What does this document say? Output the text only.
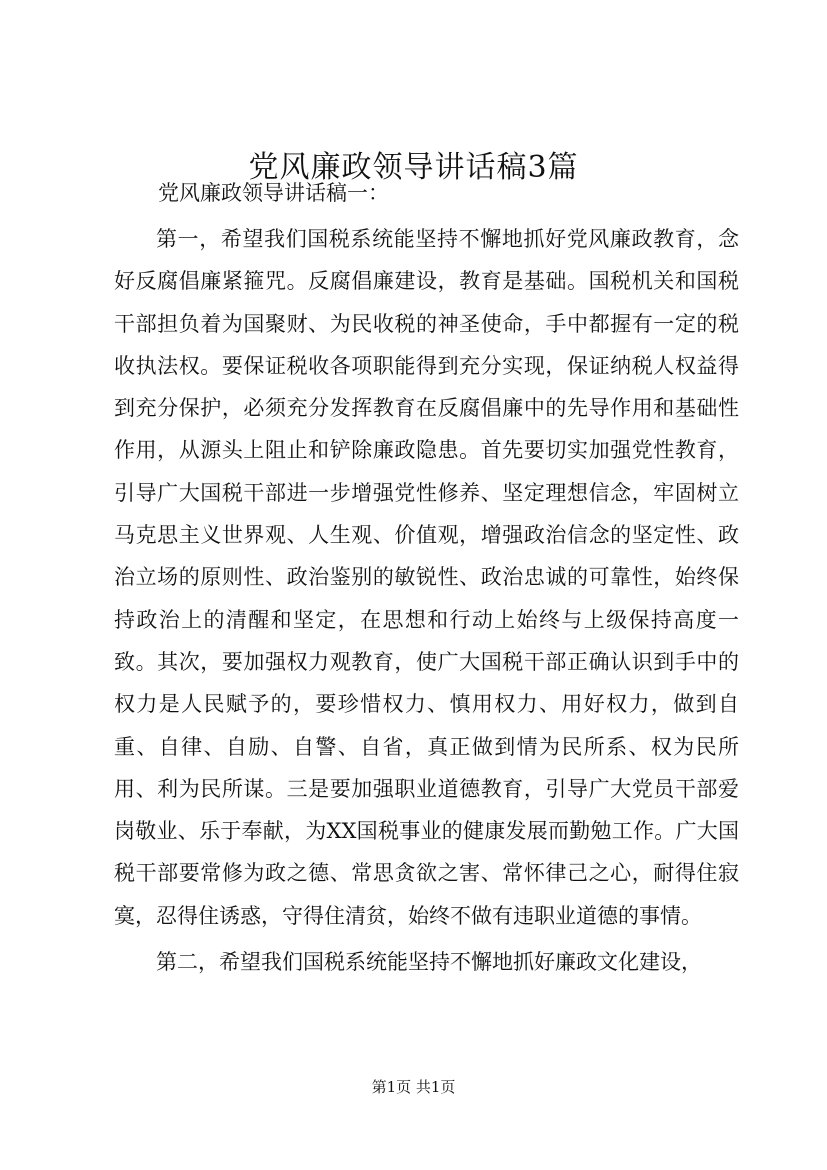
党风廉政领导讲话稿3篇
党风廉政领导讲话稿一：

第一，希望我们国税系统能坚持不懈地抓好党风廉政教育，念好反腐倡廉紧箍咒。反腐倡廉建设，教育是基础。国税机关和国税干部担负着为国聚财、为民收税的神圣使命，手中都握有一定的税收执法权。要保证税收各项职能得到充分实现，保证纳税人权益得到充分保护，必须充分发挥教育在反腐倡廉中的先导作用和基础性作用，从源头上阻止和铲除廉政隐患。首先要切实加强党性教育，引导广大国税干部进一步增强党性修养、坚定理想信念，牢固树立马克思主义世界观、人生观、价值观，增强政治信念的坚定性、政治立场的原则性、政治鉴别的敏锐性、政治忠诚的可靠性，始终保持政治上的清醒和坚定，在思想和行动上始终与上级保持高度一致。其次，要加强权力观教育，使广大国税干部正确认识到手中的权力是人民赋予的，要珍惜权力、慎用权力、用好权力，做到自重、自律、自励、自警、自省，真正做到情为民所系、权为民所用、利为民所谋。三是要加强职业道德教育，引导广大党员干部爱岗敬业、乐于奉献，为XX国税事业的健康发展而勤勉工作。广大国税干部要常修为政之德、常思贪欲之害、常怀律己之心，耐得住寂寞，忍得住诱惑，守得住清贫，始终不做有违职业道德的事情。

第二，希望我们国税系统能坚持不懈地抓好廉政文化建设，

第1页 共1页
